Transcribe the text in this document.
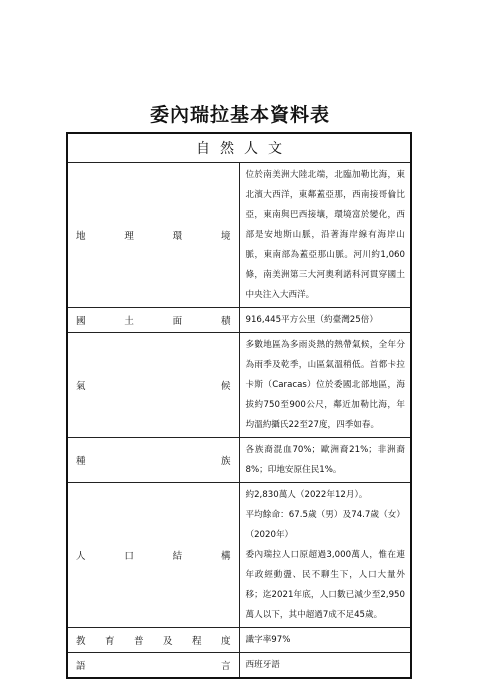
委內瑞拉基本資料表
自然人文	

地理環境	位於南美洲大陸北端，北臨加勒比海，東北濱大西洋，東鄰蓋亞那，西南接哥倫比亞，東南與巴西接壤，環境富於變化，西部是安地斯山脈，沿著海岸線有海岸山脈，東南部為蓋亞那山脈。河川約1,060條，南美洲第三大河奧利諾科河貫穿國土中央注入大西洋。

國土面積	916,445平方公里（約臺灣25倍）

氣候	多數地區為多雨炎熱的熱帶氣候，全年分為雨季及乾季，山區氣溫稍低。首都卡拉卡斯（Caracas）位於委國北部地區，海拔約750至900公尺，鄰近加勒比海，年均溫約攝氏22至27度，四季如春。

種族	各族裔混血70%；歐洲裔21%；非洲裔8%；印地安原住民1%。

人口結構	約2,830萬人（2022年12月）。

平均餘命：67.5歲（男）及74.7歲（女）（2020年）

委內瑞拉人口原超過3,000萬人，惟在連年政經動盪、民不聊生下，人口大量外移；迄2021年底，人口數已減少至2,950萬人以下，其中超過7成不足45歲。

教育普及程度	識字率97%

語言	西班牙語
